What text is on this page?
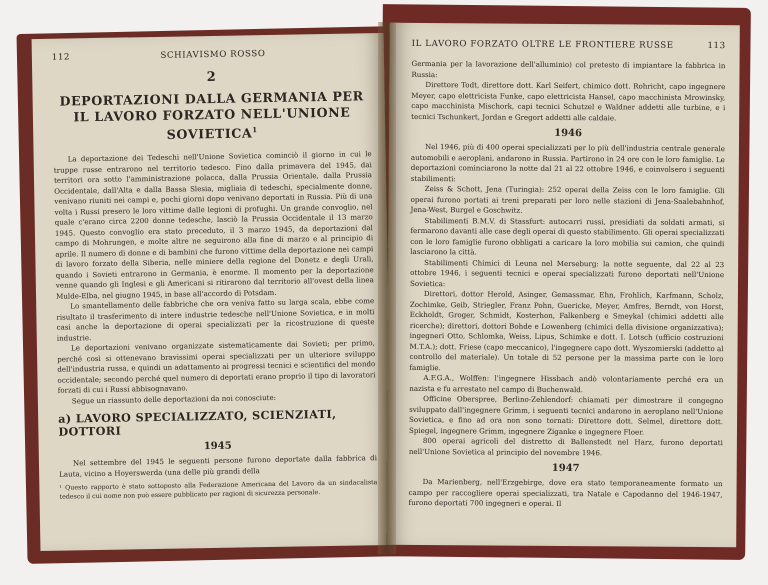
112	SCHIAVISMO ROSSO
2
DEPORTAZIONI DALLA GERMANIA PER IL LAVORO FORZATO NELL'UNIONE SOVIETICA$^1$

La deportazione dei Tedeschi nell'Unione Sovietica cominciò il giorno in cui le truppe russe entrarono nel territorio tedesco. Fino dalla primavera del 1945, dai territori ora sotto l'amministrazione polacca, dalla Prussia Orientale, dalla Prussia Occidentale, dall'Alta e dalla Bassa Slesia, migliaia di tedeschi, specialmente donne, venivano riuniti nei campi e, pochi giorni dopo venivano deportati in Russia. Più di una volta i Russi presero le loro vittime dalle legioni di profughi. Un grande convoglio, nel quale c'erano circa 2200 donne tedesche, lasciò la Prussia Occidentale il 13 marzo 1945. Questo convoglio era stato preceduto, il 3 marzo 1945, da deportazioni dal campo di Mohrungen, e molte altre ne seguirono alla fine di marzo e al principio di aprile. Il numero di donne e di bambini che furono vittime della deportazione nei campi di lavoro forzato della Siberia, nelle miniere della regione del Donetz e degli Urali, quando i Sovieti entrarono in Germania, è enorme. Il momento per la deportazione venne quando gli Inglesi e gli Americani si ritirarono dal territorio all'ovest della linea Mulde-Elba, nel giugno 1945, in base all'accordo di Potsdam.

Lo smantellamento delle fabbriche che ora veniva fatto su larga scala, ebbe come risultato il trasferimento di intere industrie tedesche nell'Unione Sovietica, e in molti casi anche la deportazione di operai specializzati per la ricostruzione di queste industrie.

Le deportazioni venivano organizzate sistematicamente dai Sovieti; per primo, perché così si ottenevano bravissimi operai specializzati per un ulteriore sviluppo dell'industria russa, e quindi un adattamento ai progressi tecnici e scientifici del mondo occidentale; secondo perché quel numero di deportati erano proprio il tipo di lavoratori forzati di cui i Russi abbisognavano.

Segue un riassunto delle deportazioni da noi conosciute:

a) LAVORO SPECIALIZZATO, SCIENZIATI, DOTTORI
1945

Nel settembre del 1945 le seguenti persone furono deportate dalla fabbrica di Lauta, vicino a Hoyerswerda (una delle più grandi della

¹ Questo rapporto è stato sottoposto alla Federazione Americana del Lavoro da un sindacalista tedesco il cui nome non può essere pubblicato per ragioni di sicurezza personale.
IL LAVORO FORZATO OLTRE LE FRONTIERE RUSSE	113

Germania per la lavorazione dell'alluminio) col pretesto di impiantare la fabbrica in Russia:

Direttore Todt, direttore dott. Karl Seifert, chimico dott. Rohricht, capo ingegnere Meyer, capo elettricista Funke, capo elettricista Hansel, capo macchinista Mrowinsky, capo macchinista Mischork, capi tecnici Schutzel e Waldner addetti alle turbine, e i tecnici Tschunkert, Jordan e Gregort addetti alle caldaie.

1946

Nel 1946, più di 400 operai specializzati per lo più dell'industria centrale generale automobili e aeroplani, andarono in Russia. Partirono in 24 ore con le loro famiglie. Le deportazioni cominciarono la notte dal 21 al 22 ottobre 1946, e coinvolsero i seguenti stabilimenti:

Zeiss & Schott, Jena (Turingia): 252 operai della Zeiss con le loro famiglie. Gli operai furono portati ai treni preparati per loro nelle stazioni di Jena-Saalebahnhof, Jena-West, Burgel e Goschwitz.

Stabilimenti B.M.V. di Stassfurt: autocarri russi, presidiati da soldati armati, si fermarono davanti alle case degli operai di questo stabilimento. Gli operai specializzati con le loro famiglie furono obbligati a caricare la loro mobilia sui camion, che quindi lasciarono la città.

Stabilimenti Chimici di Leuna nel Merseburg: la notte seguente, dal 22 al 23 ottobre 1946, i seguenti tecnici e operai specializzati furono deportati nell'Unione Sovietica:

Direttori, dottor Herold, Asinger, Gemassmar, Ehn, Frohlich, Karfmann, Scholz, Zochimke, Geib, Striegler, Franz Pohn, Guericke, Meyer, Amfres, Berndt, von Horst, Eckholdt, Groger, Schmidt, Kosterhon, Falkenberg e Smeykal (chimici addetti alle ricerche); direttori, dottori Bohde e Lowenberg (chimici della divisione organizzativa); ingegneri Otto, Schlomka, Weiss, Lipus, Schimke e dott. I. Lotsch (ufficio costruzioni M.T.A.); dott. Friese (capo meccanico), l'ingegnere capo dott. Wyszomierski (addetto al controllo del materiale). Un totale di 52 persone per la massima parte con le loro famiglie.

A.F.G.A., Wolffen: l'ingegnere Hissbach andò volontariamente perché era un nazista e fu arrestato nel campo di Buchenwald.

Officine Oberspree, Berlino-Zehlendorf: chiamati per dimostrare il congegno sviluppato dall'ingegnere Grimm, i seguenti tecnici andarono in aeroplano nell'Unione Sovietica, e fino ad ora non sono tornati: Direttore dott. Selmel, direttore dott. Spiegel, ingegnere Grimm, ingegnere Ziganke e ingegnere Floer.

800 operai agricoli del distretto di Ballenstedt nel Harz, furono deportati nell'Unione Sovietica al principio del novembre 1946.

1947

Da Marienberg, nell'Erzgebirge, dove era stato temporaneamente formato un campo per raccogliere operai specializzati, tra Natale e Capodanno del 1946-1947, furono deportati 700 ingegneri e operai. Il
